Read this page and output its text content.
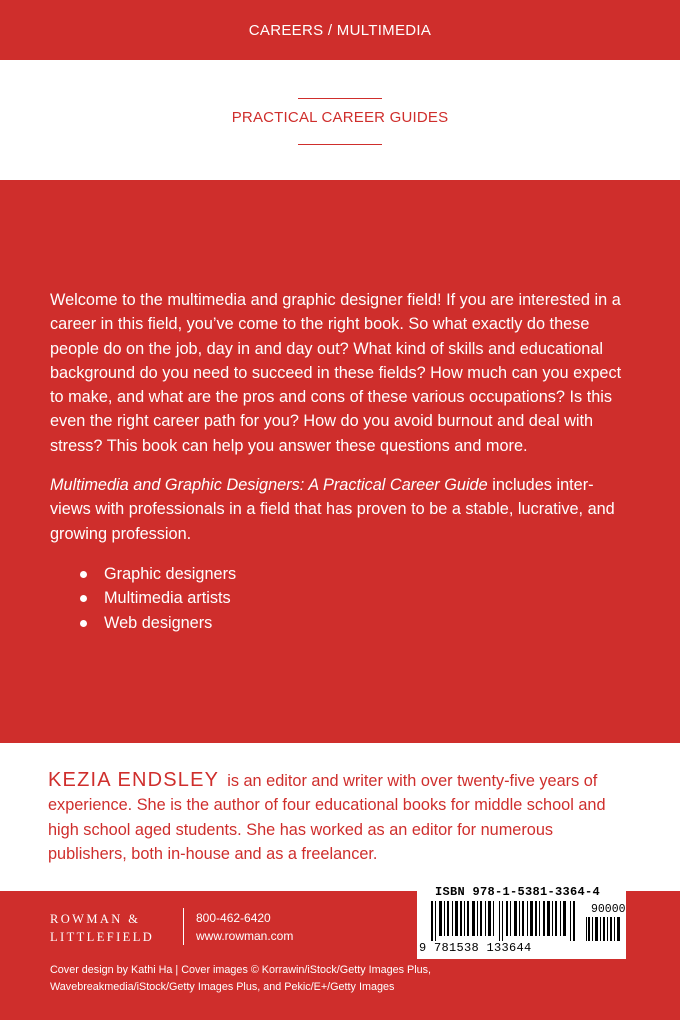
CAREERS / MULTIMEDIA
PRACTICAL CAREER GUIDES

Welcome to the multimedia and graphic designer field! If you are interested in a career in this field, you’ve come to the right book. So what exactly do these people do on the job, day in and day out? What kind of skills and educational background do you need to succeed in these fields? How much can you expect to make, and what are the pros and cons of these various occupations? Is this even the right career path for you? How do you avoid burnout and deal with stress? This book can help you answer these questions and more.

Multimedia and Graphic Designers: A Practical Career Guide includes inter-views with professionals in a field that has proven to be a stable, lucrative, and growing profession.

Graphic designers
Multimedia artists
Web designers

KEZIA ENDSLEY is an editor and writer with over twenty-five years of experience. She is the author of four educational books for middle school and high school aged students. She has worked as an editor for numerous publishers, both in-house and as a freelancer.

ROWMAN &
LITTLEFIELD
800-462-6420
www.rowman.com
ISBN 978-1-5381-3364-4
90000
9 781538 133644
Cover design by Kathi Ha | Cover images © Korrawin/iStock/Getty Images Plus, Wavebreakmedia/iStock/Getty Images Plus, and Pekic/E+/Getty Images
